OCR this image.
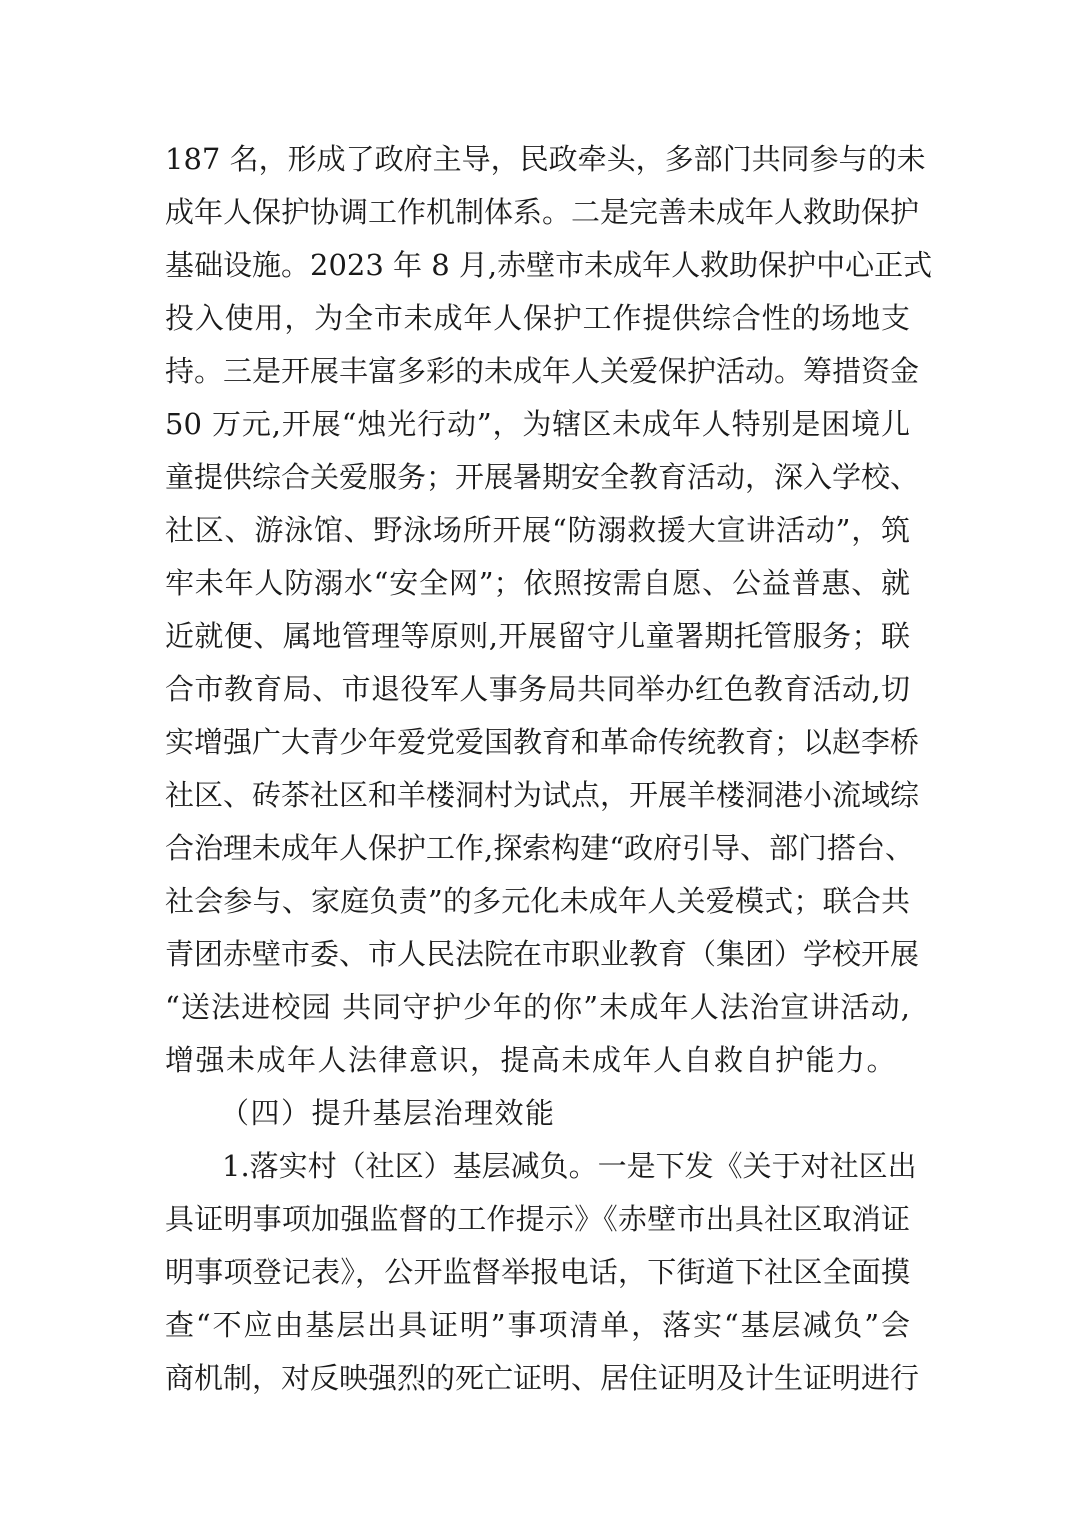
187 名，形成了政府主导，民政牵头，多部门共同参与的未
成年人保护协调工作机制体系。二是完善未成年人救助保护
基础设施。2023 年 8 月,赤壁市未成年人救助保护中心正式
投入使用，为全市未成年人保护工作提供综合性的场地支
持。三是开展丰富多彩的未成年人关爱保护活动。筹措资金
50 万元,开展“烛光行动”，为辖区未成年人特别是困境儿
童提供综合关爱服务；开展暑期安全教育活动，深入学校、
社区、游泳馆、野泳场所开展“防溺救援大宣讲活动”，筑
牢未年人防溺水“安全网”；依照按需自愿、公益普惠、就
近就便、属地管理等原则,开展留守儿童署期托管服务；联
合市教育局、市退役军人事务局共同举办红色教育活动,切
实增强广大青少年爱党爱国教育和革命传统教育；以赵李桥
社区、砖茶社区和羊楼洞村为试点，开展羊楼洞港小流域综
合治理未成年人保护工作,探索构建“政府引导、部门搭台、
社会参与、家庭负责”的多元化未成年人关爱模式；联合共
青团赤壁市委、市人民法院在市职业教育（集团）学校开展
“送法进校园 共同守护少年的你”未成年人法治宣讲活动,
增强未成年人法律意识，提高未成年人自救自护能力。
（四）提升基层治理效能
1.落实村（社区）基层减负。一是下发《关于对社区出
具证明事项加强监督的工作提示》《赤壁市出具社区取消证
明事项登记表》，公开监督举报电话，下街道下社区全面摸
查“不应由基层出具证明”事项清单，落实“基层减负”会
商机制，对反映强烈的死亡证明、居住证明及计生证明进行
